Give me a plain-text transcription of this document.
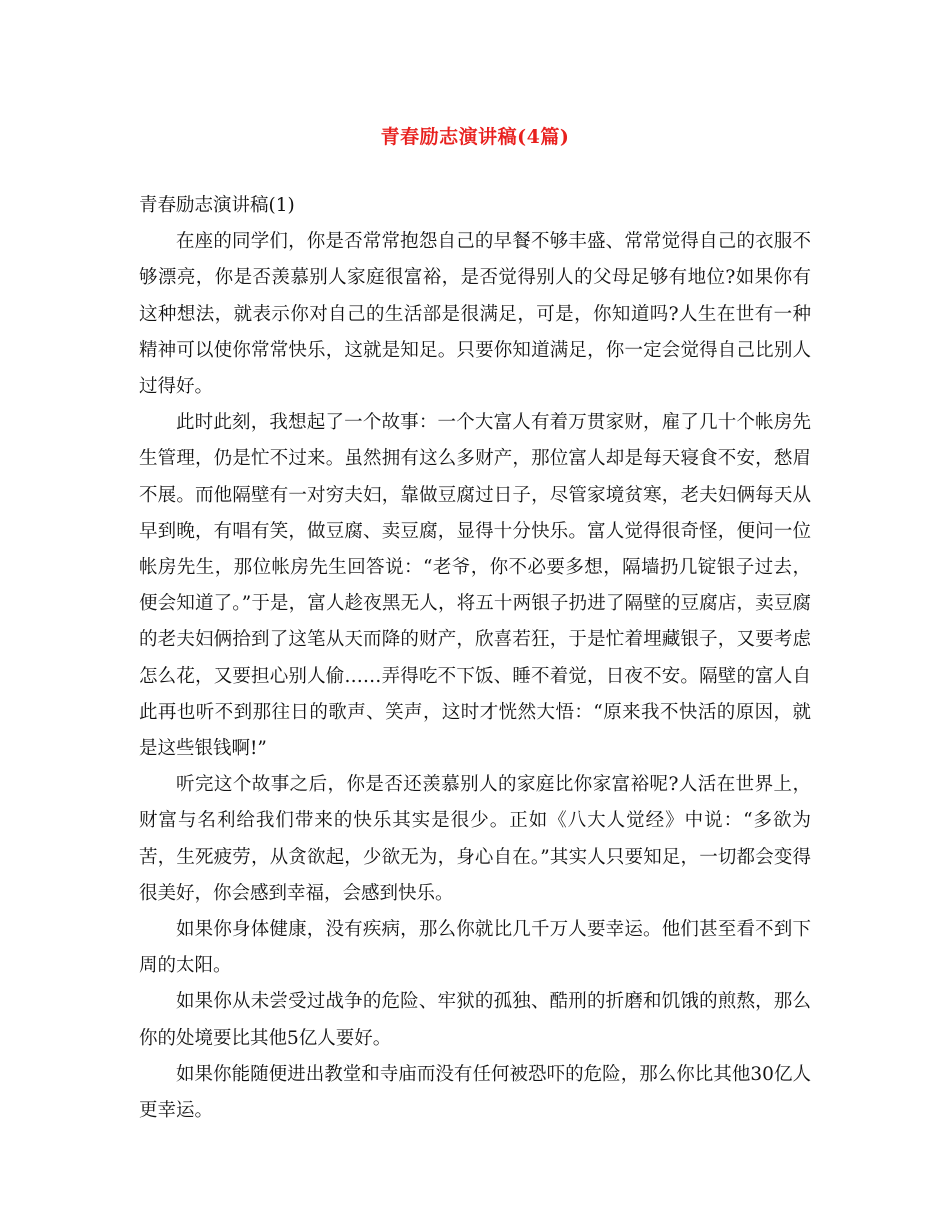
青春励志演讲稿(4篇)

青春励志演讲稿(1)

在座的同学们，你是否常常抱怨自己的早餐不够丰盛、常常觉得自己的衣服不够漂亮，你是否羡慕别人家庭很富裕，是否觉得别人的父母足够有地位?如果你有这种想法，就表示你对自己的生活部是很满足，可是，你知道吗?人生在世有一种精神可以使你常常快乐，这就是知足。只要你知道满足，你一定会觉得自己比别人过得好。

此时此刻，我想起了一个故事：一个大富人有着万贯家财，雇了几十个帐房先生管理，仍是忙不过来。虽然拥有这么多财产，那位富人却是每天寝食不安，愁眉不展。而他隔壁有一对穷夫妇，靠做豆腐过日子，尽管家境贫寒，老夫妇俩每天从早到晚，有唱有笑，做豆腐、卖豆腐，显得十分快乐。富人觉得很奇怪，便问一位帐房先生，那位帐房先生回答说：“老爷，你不必要多想，隔墙扔几锭银子过去，便会知道了。”于是，富人趁夜黑无人，将五十两银子扔进了隔壁的豆腐店，卖豆腐的老夫妇俩拾到了这笔从天而降的财产，欣喜若狂，于是忙着埋藏银子，又要考虑怎么花，又要担心别人偷……弄得吃不下饭、睡不着觉，日夜不安。隔壁的富人自此再也听不到那往日的歌声、笑声，这时才恍然大悟：“原来我不快活的原因，就是这些银钱啊!”

听完这个故事之后，你是否还羡慕别人的家庭比你家富裕呢?人活在世界上，财富与名利给我们带来的快乐其实是很少。正如《八大人觉经》中说：“多欲为苦，生死疲劳，从贪欲起，少欲无为，身心自在。”其实人只要知足，一切都会变得很美好，你会感到幸福，会感到快乐。

如果你身体健康，没有疾病，那么你就比几千万人要幸运。他们甚至看不到下周的太阳。

如果你从未尝受过战争的危险、牢狱的孤独、酷刑的折磨和饥饿的煎熬，那么你的处境要比其他5亿人要好。

如果你能随便进出教堂和寺庙而没有任何被恐吓的危险，那么你比其他30亿人更幸运。
